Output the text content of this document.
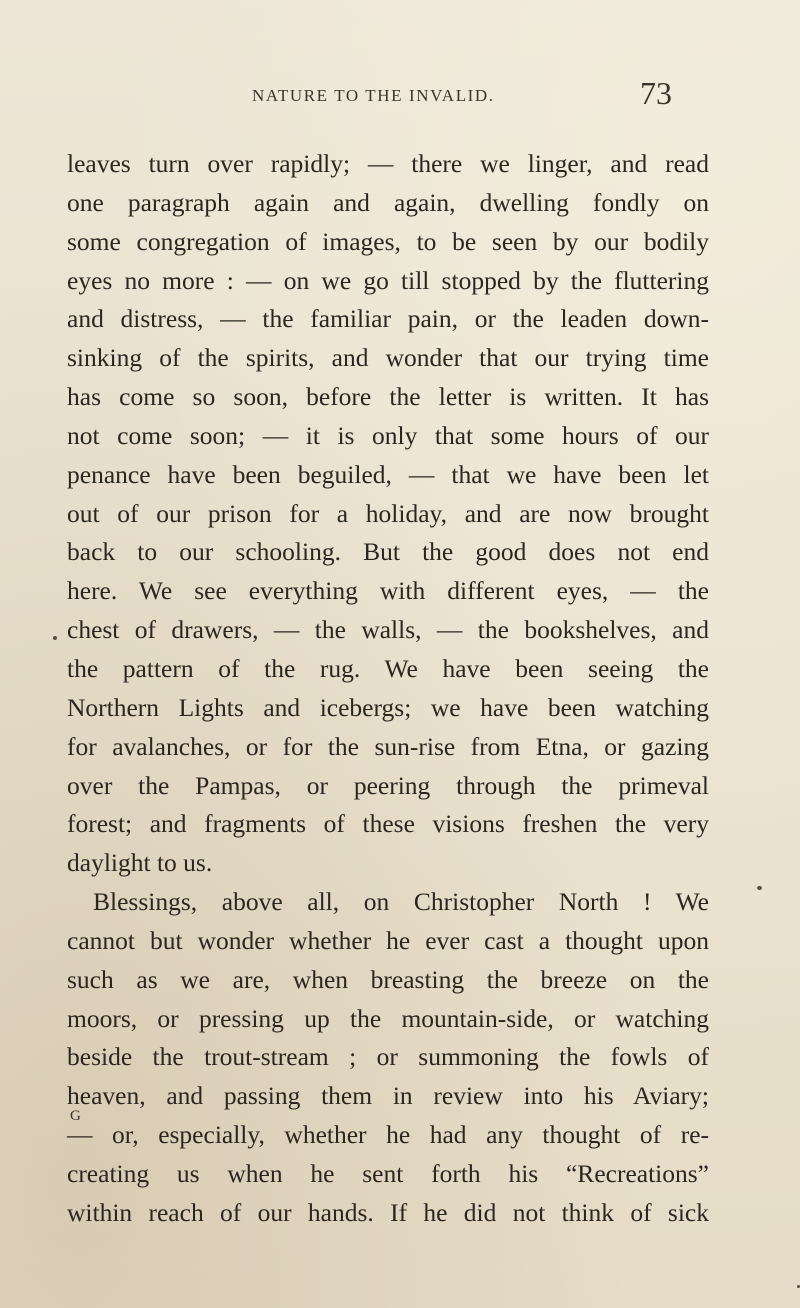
NATURE TO THE INVALID.	73
leaves turn over rapidly; — there we linger, and read
one paragraph again and again, dwelling fondly on
some congregation of images, to be seen by our bodily
eyes no more : — on we go till stopped by the fluttering
and distress, — the familiar pain, or the leaden down-
sinking of the spirits, and wonder that our trying time
has come so soon, before the letter is written. It has
not come soon; — it is only that some hours of our
penance have been beguiled, — that we have been let
out of our prison for a holiday, and are now brought
back to our schooling. But the good does not end
here. We see everything with different eyes, — the
chest of drawers, — the walls, — the bookshelves, and
the pattern of the rug. We have been seeing the
Northern Lights and icebergs; we have been watching
for avalanches, or for the sun-rise from Etna, or gazing
over the Pampas, or peering through the primeval
forest; and fragments of these visions freshen the very
daylight to us.
Blessings, above all, on Christopher North ! We
cannot but wonder whether he ever cast a thought upon
such as we are, when breasting the breeze on the
moors, or pressing up the mountain-side, or watching
beside the trout-stream ; or summoning the fowls of
heaven, and passing them in review into his Aviary;
— or, especially, whether he had any thought of re-
creating us when he sent forth his “Recreations”
within reach of our hands. If he did not think of sick
G
